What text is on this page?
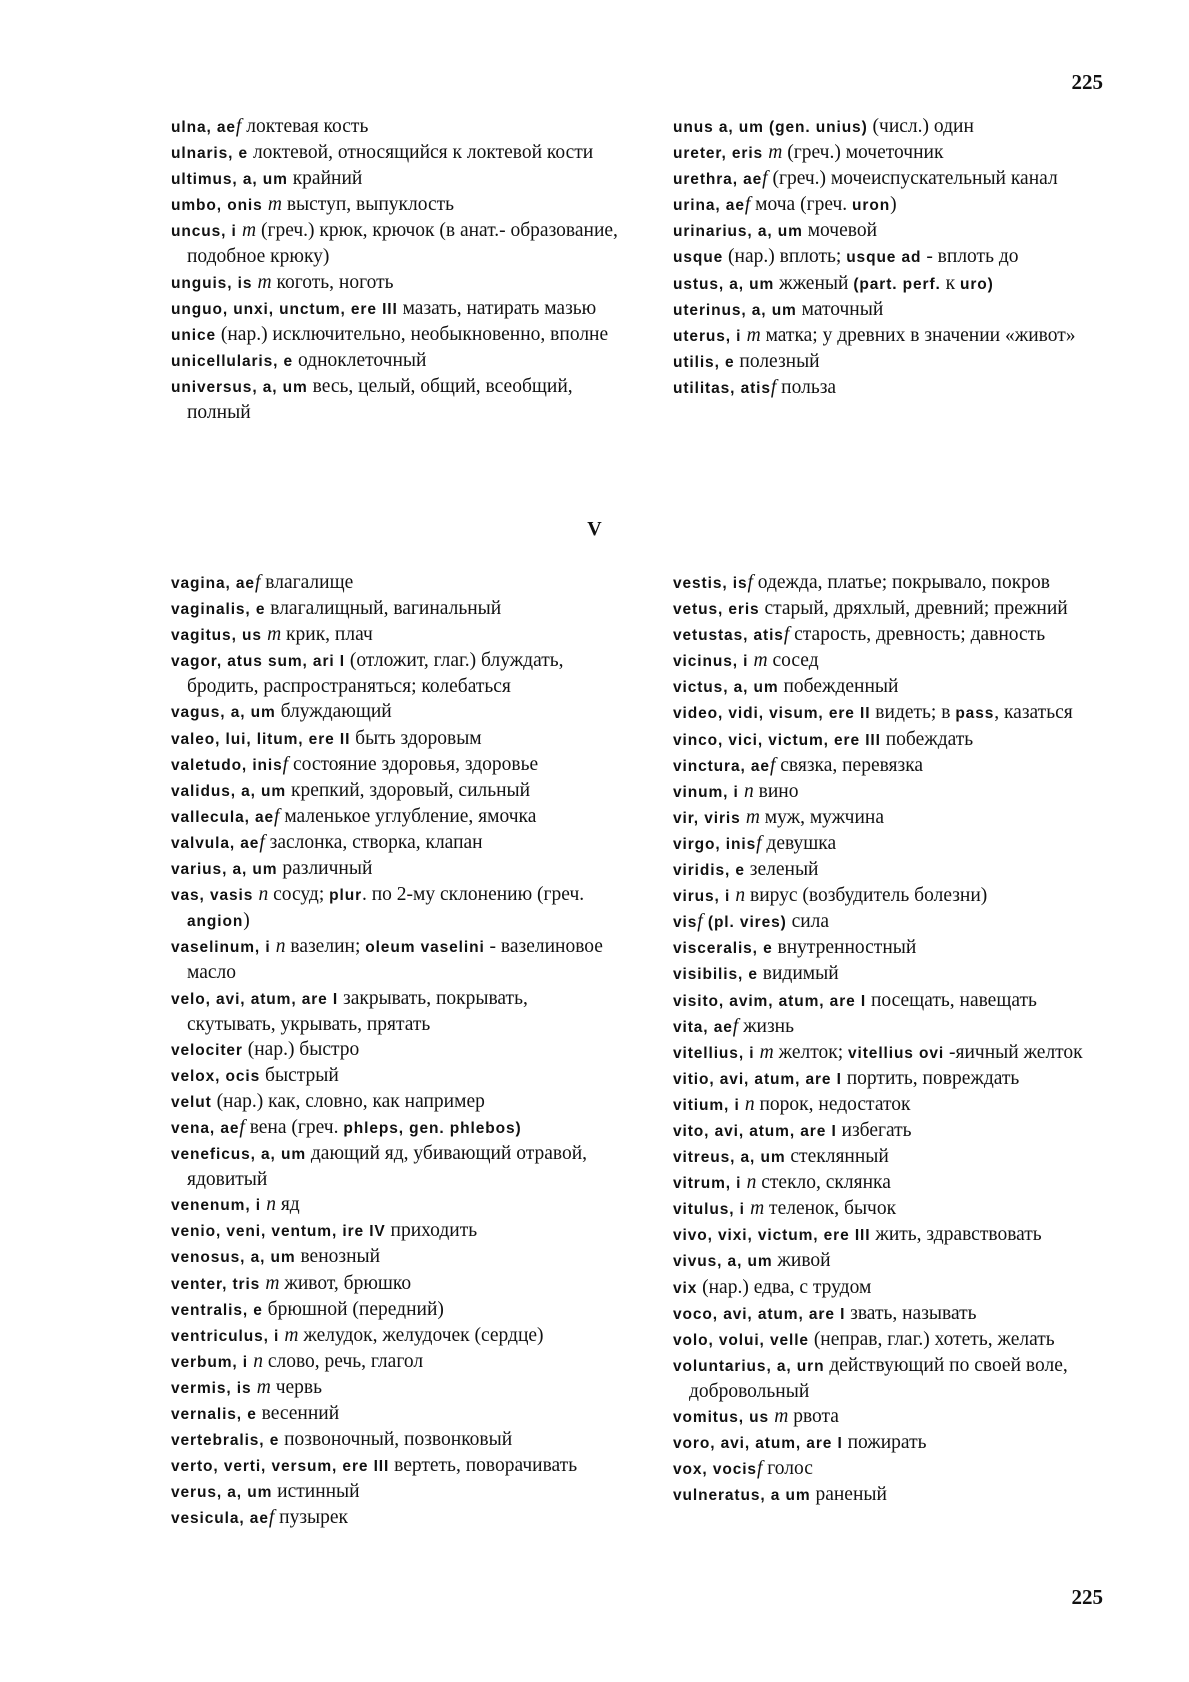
225
ulna, aef локтевая кость
ulnaris, e локтевой, относящийся к локтевой кости
ultimus, a, um крайний
umbo, onis m выступ, выпуклость
uncus, i m (греч.) крюк, крючок (в анат.- образование, подобное крюку)
unguis, is m коготь, ноготь
unguo, unxi, unctum, ere III мазать, натирать мазью
unice (нар.) исключительно, необыкновенно, вполне
unicellularis, e одноклеточный
universus, a, um весь, целый, общий, всеобщий, полный
unus a, um (gen. unius) (числ.) один
ureter, eris m (греч.) мочеточник
urethra, aef (греч.) мочеиспускательный канал
urina, aef моча (греч. uron)
urinarius, a, um мочевой
usque (нар.) вплоть; usque ad - вплоть до
ustus, a, um жженый (part. perf. к uro)
uterinus, a, um маточный
uterus, i m матка; у древних в значении «живот»
utilis, e полезный
utilitas, atisf польза
V
vagina, aef влагалище
vaginalis, e влагалищный, вагинальный
vagitus, us m крик, плач
vagor, atus sum, ari I (отложит, глаг.) блуждать, бродить, распространяться; колебаться
vagus, a, um блуждающий
valeo, lui, litum, ere II быть здоровым
valetudo, inisf состояние здоровья, здоровье
validus, a, um крепкий, здоровый, сильный
vallecula, aef маленькое углубление, ямочка
valvula, aef заслонка, створка, клапан
varius, a, um различный
vas, vasis n сосуд; plur. по 2-му склонению (греч. angion)
vaselinum, i n вазелин; oleum vaselini - вазелиновое масло
velo, avi, atum, are I закрывать, покрывать, скутывать, укрывать, прятать
velociter (нар.) быстро
velox, ocis быстрый
velut (нар.) как, словно, как например
vena, aef вена (греч. phleps, gen. phlebos)
veneficus, a, um дающий яд, убивающий отравой, ядовитый
venenum, i n яд
venio, veni, ventum, ire IV приходить
venosus, a, um венозный
venter, tris m живот, брюшко
ventralis, e брюшной (передний)
ventriculus, i m желудок, желудочек (сердце)
verbum, i n слово, речь, глагол
vermis, is m червь
vernalis, e весенний
vertebralis, e позвоночный, позвонковый
verto, verti, versum, ere III вертеть, поворачивать
verus, a, um истинный
vesicula, aef пузырек
vestis, isf одежда, платье; покрывало, покров
vetus, eris старый, дряхлый, древний; прежний
vetustas, atisf старость, древность; давность
vicinus, i m сосед
victus, a, um побежденный
video, vidi, visum, ere II видеть; в pass, казаться
vinco, vici, victum, ere III побеждать
vinctura, aef связка, перевязка
vinum, i n вино
vir, viris m муж, мужчина
virgo, inisf девушка
viridis, e зеленый
virus, i n вирус (возбудитель болезни)
visf (pl. vires) сила
visceralis, e внутренностный
visibilis, e видимый
visito, avim, atum, are I посещать, навещать
vita, aef жизнь
vitellius, i m желток; vitellius ovi -яичный желток
vitio, avi, atum, are I портить, повреждать
vitium, i n порок, недостаток
vito, avi, atum, are I избегать
vitreus, a, um стеклянный
vitrum, i n стекло, склянка
vitulus, i m теленок, бычок
vivo, vixi, victum, ere III жить, здравствовать
vivus, a, um живой
vix (нар.) едва, с трудом
voco, avi, atum, are I звать, называть
volo, volui, velle (неправ, глаг.) хотеть, желать
voluntarius, a, urn действующий по своей воле, добровольный
vomitus, us m рвота
voro, avi, atum, are I пожирать
vox, vocisf голос
vulneratus, a um раненый
225
